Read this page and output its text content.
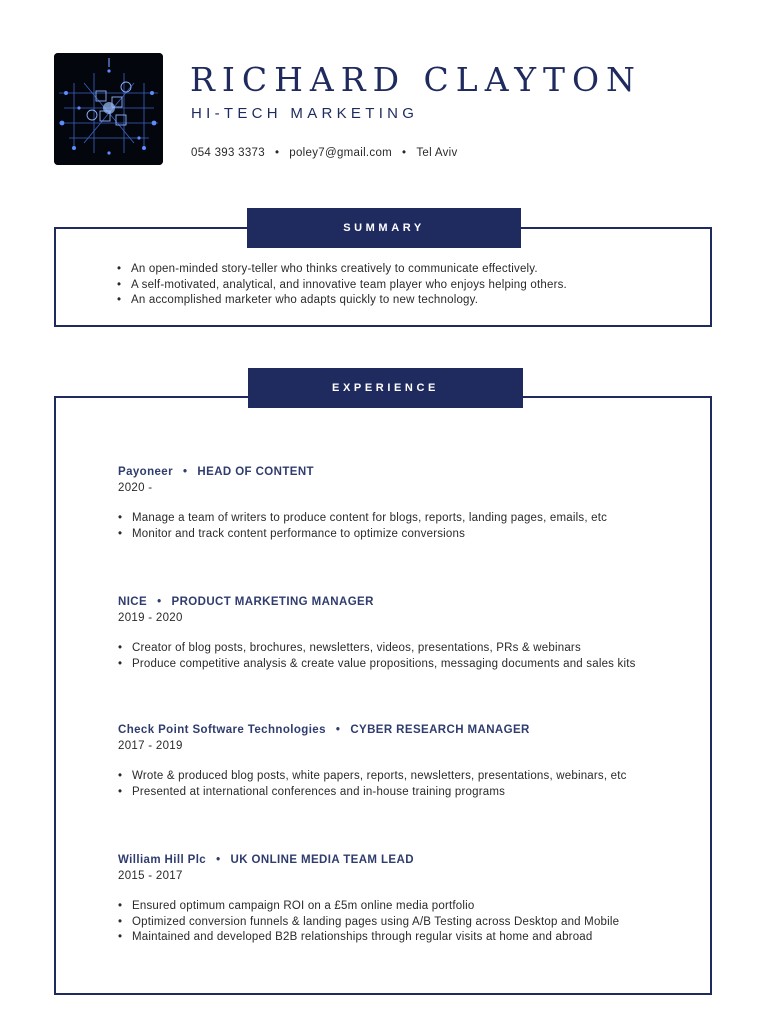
RICHARD CLAYTON
HI-TECH MARKETING
054 393 3373 • poley7@gmail.com • Tel Aviv
SUMMARY
• An open-minded story-teller who thinks creatively to communicate effectively.
• A self-motivated, analytical, and innovative team player who enjoys helping others.
• An accomplished marketer who adapts quickly to new technology.
EXPERIENCE
Payoneer • HEAD OF CONTENT
2020 -
• Manage a team of writers to produce content for blogs, reports, landing pages, emails, etc
• Monitor and track content performance to optimize conversions
NICE • PRODUCT MARKETING MANAGER
2019 - 2020
• Creator of blog posts, brochures, newsletters, videos, presentations, PRs & webinars
• Produce competitive analysis & create value propositions, messaging documents and sales kits
Check Point Software Technologies • CYBER RESEARCH MANAGER
2017 - 2019
• Wrote & produced blog posts, white papers, reports, newsletters, presentations, webinars, etc
• Presented at international conferences and in-house training programs
William Hill Plc • UK ONLINE MEDIA TEAM LEAD
2015 - 2017
• Ensured optimum campaign ROI on a £5m online media portfolio
• Optimized conversion funnels & landing pages using A/B Testing across Desktop and Mobile
• Maintained and developed B2B relationships through regular visits at home and abroad
